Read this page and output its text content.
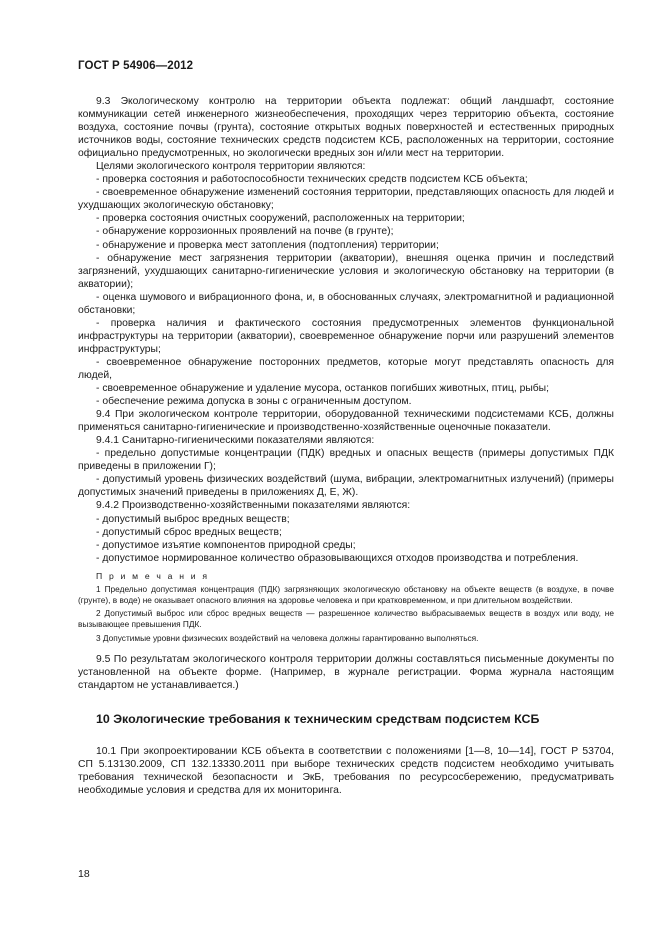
ГОСТ Р 54906—2012

9.3 Экологическому контролю на территории объекта подлежат: общий ландшафт, состояние коммуникации сетей инженерного жизнеобеспечения, проходящих через территорию объекта, состояние воздуха, состояние почвы (грунта), состояние открытых водных поверхностей и естественных природных источников воды, состояние технических средств подсистем КСБ, расположенных на территории, состояние официально предусмотренных, но экологически вредных зон и/или мест на территории.

Целями экологического контроля территории являются:

- проверка состояния и работоспособности технических средств подсистем КСБ объекта;

- своевременное обнаружение изменений состояния территории, представляющих опасность для людей и ухудшающих экологическую обстановку;

- проверка состояния очистных сооружений, расположенных на территории;

- обнаружение коррозионных проявлений на почве (в грунте);

- обнаружение и проверка мест затопления (подтопления) территории;

- обнаружение мест загрязнения территории (акватории), внешняя оценка причин и последствий загрязнений, ухудшающих санитарно-гигиенические условия и экологическую обстановку на территории (в акватории);

- оценка шумового и вибрационного фона, и, в обоснованных случаях, электромагнитной и радиационной обстановки;

- проверка наличия и фактического состояния предусмотренных элементов функциональной инфраструктуры на территории (акватории), своевременное обнаружение порчи или разрушений элементов инфраструктуры;

- своевременное обнаружение посторонних предметов, которые могут представлять опасность для людей,

- своевременное обнаружение и удаление мусора, останков погибших животных, птиц, рыбы;

- обеспечение режима допуска в зоны с ограниченным доступом.

9.4 При экологическом контроле территории, оборудованной техническими подсистемами КСБ, должны применяться санитарно-гигиенические и производственно-хозяйственные оценочные показатели.

9.4.1 Санитарно-гигиеническими показателями являются:

- предельно допустимые концентрации (ПДК) вредных и опасных веществ (примеры допустимых ПДК приведены в приложении Г);

- допустимый уровень физических воздействий (шума, вибрации, электромагнитных излучений) (примеры допустимых значений приведены в приложениях Д, Е, Ж).

9.4.2 Производственно-хозяйственными показателями являются:

- допустимый выброс вредных веществ;

- допустимый сброс вредных веществ;

- допустимое изъятие компонентов природной среды;

- допустимое нормированное количество образовывающихся отходов производства и потребления.

П р и м е ч а н и я

1 Предельно допустимая концентрация (ПДК) загрязняющих экологическую обстановку на объекте веществ (в воздухе, в почве (грунте), в воде) не оказывает опасного влияния на здоровье человека и при кратковременном, и при длительном воздействии.

2 Допустимый выброс или сброс вредных веществ — разрешенное количество выбрасываемых веществ в воздух или воду, не вызывающее превышения ПДК.

3 Допустимые уровни физических воздействий на человека должны гарантированно выполняться.

9.5 По результатам экологического контроля территории должны составляться письменные документы по установленной на объекте форме. (Например, в журнале регистрации. Форма журнала настоящим стандартом не устанавливается.)

10 Экологические требования к техническим средствам подсистем КСБ

10.1 При экопроектировании КСБ объекта в соответствии с положениями [1—8, 10—14], ГОСТ Р 53704, СП 5.13130.2009, СП 132.13330.2011 при выборе технических средств подсистем необходимо учитывать требования технической безопасности и ЭкБ, требования по ресурсосбережению, предусматривать необходимые условия и средства для их мониторинга.

18
